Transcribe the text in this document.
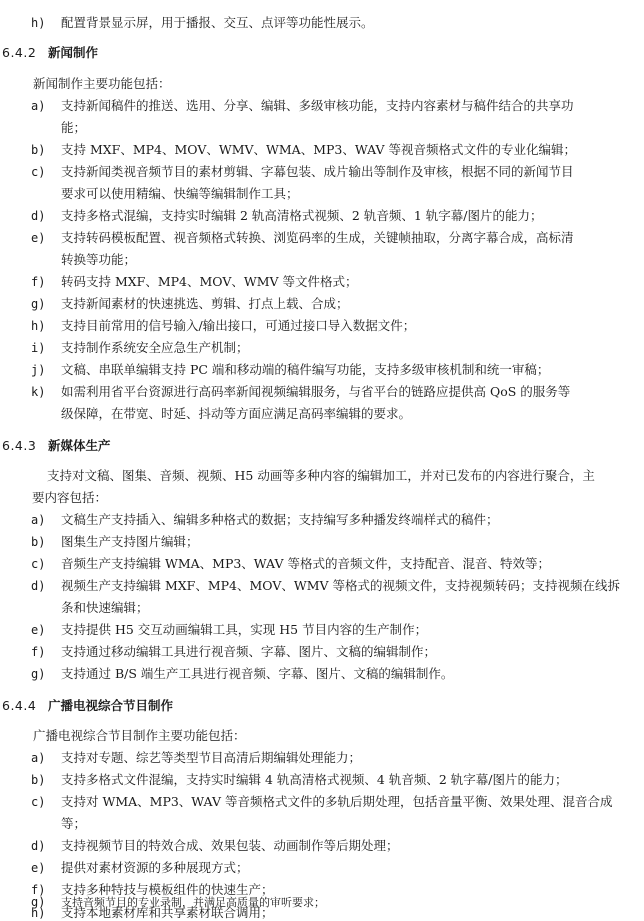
h) 配置背景显示屏，用于播报、交互、点评等功能性展示。
6.4.2 新闻制作
新闻制作主要功能包括：
a) 支持新闻稿件的推送、选用、分享、编辑、多级审核功能，支持内容素材与稿件结合的共享功
能；
b) 支持 MXF、MP4、MOV、WMV、WMA、MP3、WAV 等视音频格式文件的专业化编辑；
c) 支持新闻类视音频节目的素材剪辑、字幕包装、成片输出等制作及审核，根据不同的新闻节目
要求可以使用精编、快编等编辑制作工具；
d) 支持多格式混编，支持实时编辑 2 轨高清格式视频、2 轨音频、1 轨字幕/图片的能力；
e) 支持转码模板配置、视音频格式转换、浏览码率的生成，关键帧抽取，分离字幕合成，高标清
转换等功能；
f) 转码支持 MXF、MP4、MOV、WMV 等文件格式；
g) 支持新闻素材的快速挑选、剪辑、打点上载、合成；
h) 支持目前常用的信号输入/输出接口，可通过接口导入数据文件；
i) 支持制作系统安全应急生产机制；
j) 文稿、串联单编辑支持 PC 端和移动端的稿件编写功能，支持多级审核机制和统一审稿；
k) 如需利用省平台资源进行高码率新闻视频编辑服务，与省平台的链路应提供高 QoS 的服务等
级保障，在带宽、时延、抖动等方面应满足高码率编辑的要求。
6.4.3 新媒体生产
支持对文稿、图集、音频、视频、H5 动画等多种内容的编辑加工，并对已发布的内容进行聚合，主
要内容包括：
a) 文稿生产支持插入、编辑多种格式的数据；支持编写多种播发终端样式的稿件；
b) 图集生产支持图片编辑；
c) 音频生产支持编辑 WMA、MP3、WAV 等格式的音频文件，支持配音、混音、特效等；
d) 视频生产支持编辑 MXF、MP4、MOV、WMV 等格式的视频文件，支持视频转码；支持视频在线拆
条和快速编辑；
e) 支持提供 H5 交互动画编辑工具，实现 H5 节目内容的生产制作；
f) 支持通过移动编辑工具进行视音频、字幕、图片、文稿的编辑制作；
g) 支持通过 B/S 端生产工具进行视音频、字幕、图片、文稿的编辑制作。
6.4.4 广播电视综合节目制作
广播电视综合节目制作主要功能包括：
a) 支持对专题、综艺等类型节目高清后期编辑处理能力；
b) 支持多格式文件混编，支持实时编辑 4 轨高清格式视频、4 轨音频、2 轨字幕/图片的能力；
c) 支持对 WMA、MP3、WAV 等音频格式文件的多轨后期处理，包括音量平衡、效果处理、混音合成
等；
d) 支持视频节目的特效合成、效果包装、动画制作等后期处理；
e) 提供对素材资源的多种展现方式；
f) 支持多种特技与模板组件的快速生产；
g) 支持音频节目的专业录制，并满足高质量的审听要求；
h) 支持本地素材库和共享素材联合调用；
